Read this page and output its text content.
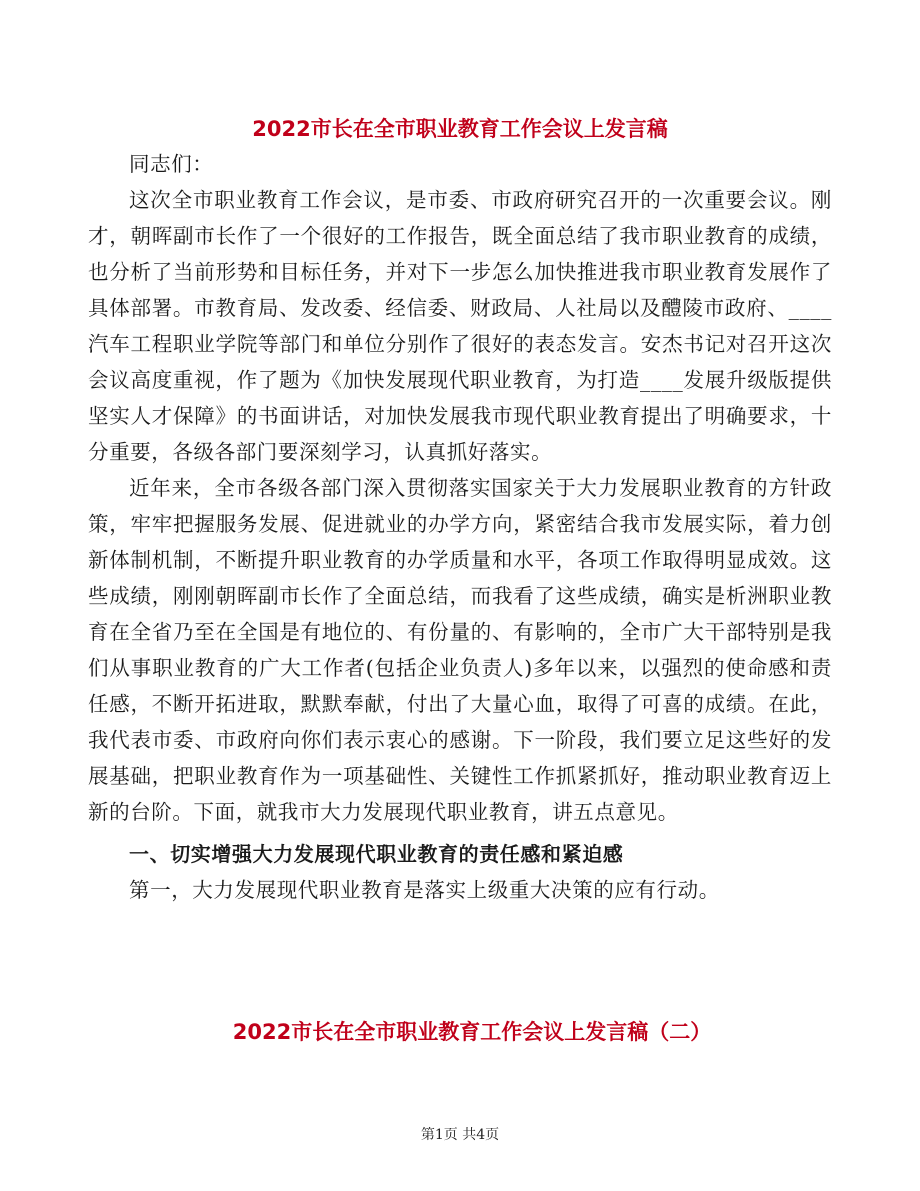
2022市长在全市职业教育工作会议上发言稿

同志们：

这次全市职业教育工作会议，是市委、市政府研究召开的一次重要会议。刚才，朝晖副市长作了一个很好的工作报告，既全面总结了我市职业教育的成绩，也分析了当前形势和目标任务，并对下一步怎么加快推进我市职业教育发展作了具体部署。市教育局、发改委、经信委、财政局、人社局以及醴陵市政府、____汽车工程职业学院等部门和单位分别作了很好的表态发言。安杰书记对召开这次会议高度重视，作了题为《加快发展现代职业教育，为打造____发展升级版提供坚实人才保障》的书面讲话，对加快发展我市现代职业教育提出了明确要求，十分重要，各级各部门要深刻学习，认真抓好落实。

近年来，全市各级各部门深入贯彻落实国家关于大力发展职业教育的方针政策，牢牢把握服务发展、促进就业的办学方向，紧密结合我市发展实际，着力创新体制机制，不断提升职业教育的办学质量和水平，各项工作取得明显成效。这些成绩，刚刚朝晖副市长作了全面总结，而我看了这些成绩，确实是析洲职业教育在全省乃至在全国是有地位的、有份量的、有影响的，全市广大干部特别是我们从事职业教育的广大工作者(包括企业负责人)多年以来，以强烈的使命感和责任感，不断开拓进取，默默奉献，付出了大量心血，取得了可喜的成绩。在此，我代表市委、市政府向你们表示衷心的感谢。下一阶段，我们要立足这些好的发展基础，把职业教育作为一项基础性、关键性工作抓紧抓好，推动职业教育迈上新的台阶。下面，就我市大力发展现代职业教育，讲五点意见。

一、切实增强大力发展现代职业教育的责任感和紧迫感

第一，大力发展现代职业教育是落实上级重大决策的应有行动。

2022市长在全市职业教育工作会议上发言稿（二）
第1页 共4页
